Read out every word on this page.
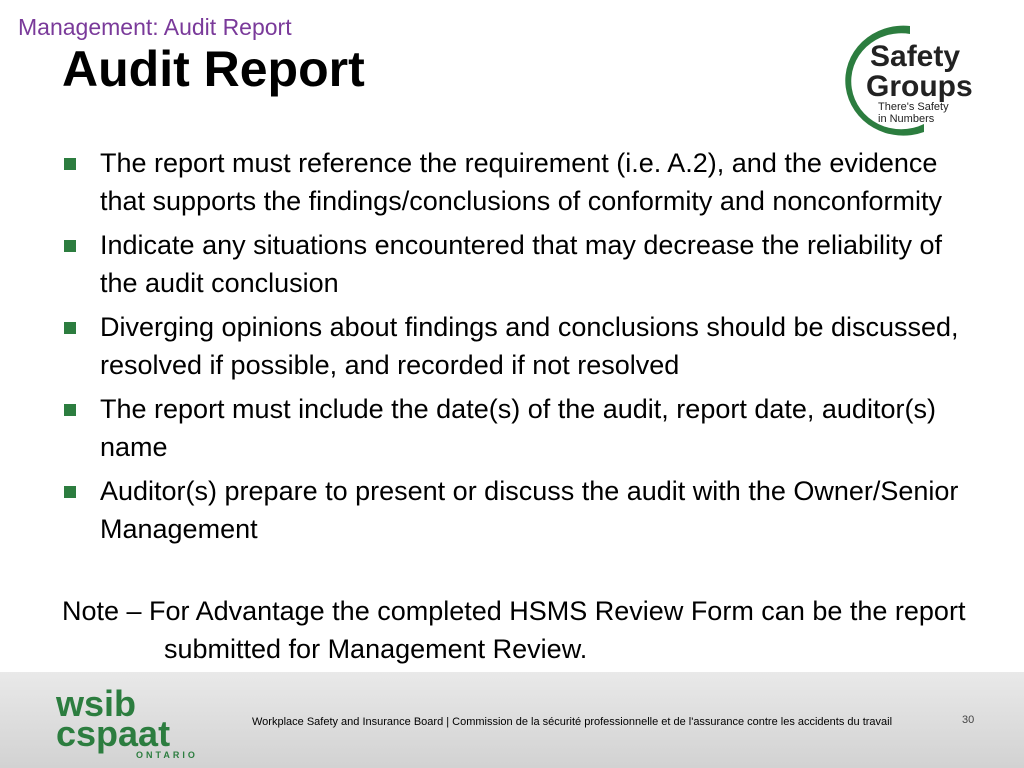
Management: Audit Report
Audit Report	Safety
Groups
There's Safety
in Numbers
The report must reference the requirement (i.e. A.2), and the evidence that supports the findings/conclusions of conformity and nonconformity
Indicate any situations encountered that may decrease the reliability of the audit conclusion
Diverging opinions about findings and conclusions should be discussed, resolved if possible, and recorded if not resolved
The report must include the date(s) of the audit, report date, auditor(s) name
Auditor(s) prepare to present or discuss the audit with the Owner/Senior Management
Note – For Advantage the completed HSMS Review Form can be the report submitted for Management Review.
wsib
cspaat
ONTARIO
Workplace Safety and Insurance Board | Commission de la sécurité professionnelle et de l'assurance contre les accidents du travail	30
